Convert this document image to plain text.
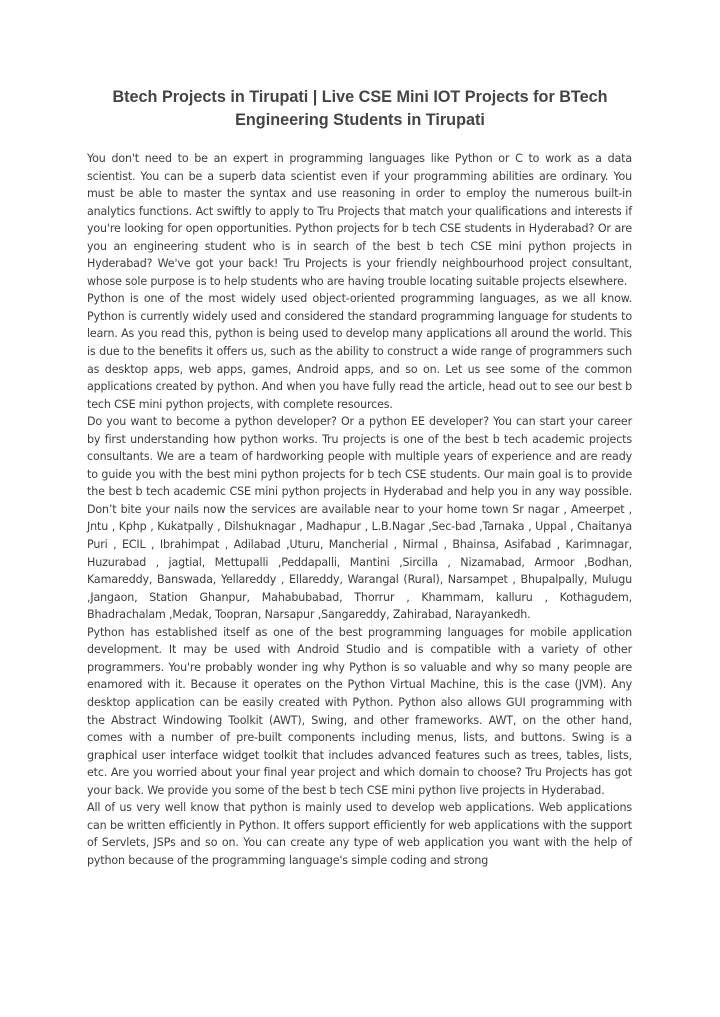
Btech Projects in Tirupati | Live CSE Mini IOT Projects for BTech Engineering Students in Tirupati

You don't need to be an expert in programming languages like Python or C to work as a data scientist. You can be a superb data scientist even if your programming abilities are ordinary. You must be able to master the syntax and use reasoning in order to employ the numerous built-in analytics functions. Act swiftly to apply to Tru Projects that match your qualifications and interests if you're looking for open opportunities. Python projects for b tech CSE students in Hyderabad? Or are you an engineering student who is in search of the best b tech CSE mini python projects in Hyderabad? We've got your back! Tru Projects is your friendly neighbourhood project consultant, whose sole purpose is to help students who are having trouble locating suitable projects elsewhere.

Python is one of the most widely used object-oriented programming languages, as we all know. Python is currently widely used and considered the standard programming language for students to learn. As you read this, python is being used to develop many applications all around the world. This is due to the benefits it offers us, such as the ability to construct a wide range of programmers such as desktop apps, web apps, games, Android apps, and so on. Let us see some of the common applications created by python. And when you have fully read the article, head out to see our best b tech CSE mini python projects, with complete resources.

Do you want to become a python developer? Or a python EE developer? You can start your career by first understanding how python works. Tru projects is one of the best b tech academic projects consultants. We are a team of hardworking people with multiple years of experience and are ready to guide you with the best mini python projects for b tech CSE students. Our main goal is to provide the best b tech academic CSE mini python projects in Hyderabad and help you in any way possible. Don’t bite your nails now the services are available near to your home town Sr nagar , Ameerpet , Jntu , Kphp , Kukatpally , Dilshuknagar , Madhapur , L.B.Nagar ,Sec-bad ,Tarnaka , Uppal , Chaitanya Puri , ECIL , Ibrahimpat , Adilabad ,Uturu, Mancherial , Nirmal , Bhainsa, Asifabad , Karimnagar, Huzurabad , jagtial, Mettupalli ,Peddapalli, Mantini ,Sircilla , Nizamabad, Armoor ,Bodhan, Kamareddy, Banswada, Yellareddy , Ellareddy, Warangal (Rural), Narsampet , Bhupalpally, Mulugu ,Jangaon, Station Ghanpur, Mahabubabad, Thorrur , Khammam, kalluru , Kothagudem, Bhadrachalam ,Medak, Toopran, Narsapur ,Sangareddy, Zahirabad, Narayankedh.

Python has established itself as one of the best programming languages for mobile application development. It may be used with Android Studio and is compatible with a variety of other programmers. You're probably wonder ing why Python is so valuable and why so many people are enamored with it. Because it operates on the Python Virtual Machine, this is the case (JVM). Any desktop application can be easily created with Python. Python also allows GUI programming with the Abstract Windowing Toolkit (AWT), Swing, and other frameworks. AWT, on the other hand, comes with a number of pre-built components including menus, lists, and buttons. Swing is a graphical user interface widget toolkit that includes advanced features such as trees, tables, lists, etc. Are you worried about your final year project and which domain to choose? Tru Projects has got your back. We provide you some of the best b tech CSE mini python live projects in Hyderabad.

All of us very well know that python is mainly used to develop web applications. Web applications can be written efficiently in Python. It offers support efficiently for web applications with the support of Servlets, JSPs and so on. You can create any type of web application you want with the help of python because of the programming language's simple coding and strong
